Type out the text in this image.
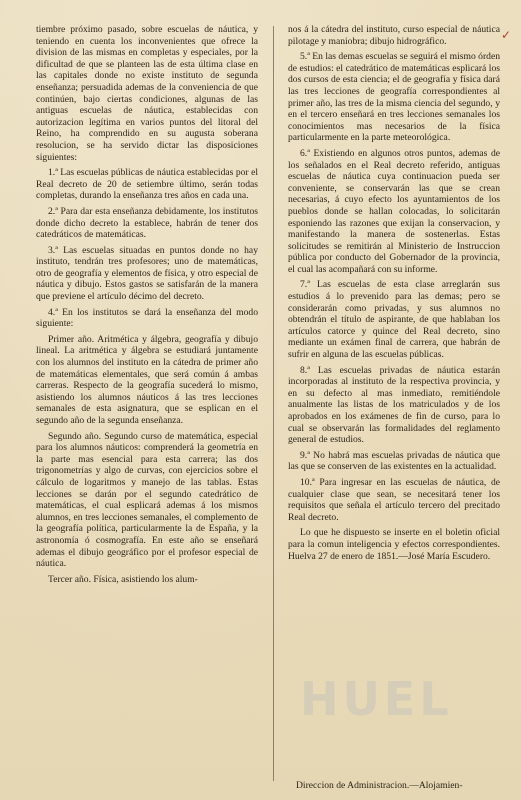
✓

tiembre próximo pasado, sobre escuelas de náutica, y teniendo en cuenta los inconvenientes que ofrece la division de las mismas en completas y especiales, por la dificultad de que se planteen las de esta última clase en las capitales donde no existe instituto de segunda enseñanza; persuadida ademas de la conveniencia de que continúen, bajo ciertas condiciones, algunas de las antiguas escuelas de náutica, establecidas con autorizacion legítima en varios puntos del litoral del Reino, ha comprendido en su augusta soberana resolucion, se ha servido dictar las disposiciones siguientes:

1.ª Las escuelas públicas de náutica establecidas por el Real decreto de 20 de setiembre último, serán todas completas, durando la enseñanza tres años en cada una.

2.ª Para dar esta enseñanza debidamente, los institutos donde dicho decreto la establece, habrán de tener dos catedráticos de matemáticas.

3.ª Las escuelas situadas en puntos donde no hay instituto, tendrán tres profesores; uno de matemáticas, otro de geografía y elementos de física, y otro especial de náutica y dibujo. Estos gastos se satisfarán de la manera que previene el artículo décimo del decreto.

4.ª En los institutos se dará la enseñanza del modo siguiente:

Primer año. Aritmética y álgebra, geografía y dibujo lineal. La aritmética y álgebra se estudiará juntamente con los alumnos del instituto en la cátedra de primer año de matemáticas elementales, que será común á ambas carreras. Respecto de la geografía sucederá lo mismo, asistiendo los alumnos náuticos á las tres lecciones semanales de esta asignatura, que se esplican en el segundo año de la segunda enseñanza.

Segundo año. Segundo curso de matemática, especial para los alumnos náuticos: comprenderá la geometría en la parte mas esencial para esta carrera; las dos trigonometrías y algo de curvas, con ejercicios sobre el cálculo de logaritmos y manejo de las tablas. Estas lecciones se darán por el segundo catedrático de matemáticas, el cual esplicará ademas á los mismos alumnos, en tres lecciones semanales, el complemento de la geografía política, particularmente la de España, y la astronomía ó cosmografía. En este año se enseñará ademas el dibujo geográfico por el profesor especial de náutica.

Tercer año. Física, asistiendo los alum-

nos á la cátedra del instituto, curso especial de náutica pilotage y maniobra; dibujo hidrográfico.

5.ª En las demas escuelas se seguirá el mismo órden de estudios: el catedrático de matemáticas esplicará los dos cursos de esta ciencia; el de geografía y física dará las tres lecciones de geografía correspondientes al primer año, las tres de la misma ciencia del segundo, y en el tercero enseñará en tres lecciones semanales los conocimientos mas necesarios de la física particularmente en la parte meteorológica.

6.ª Existiendo en algunos otros puntos, ademas de los señalados en el Real decreto referido, antiguas escuelas de náutica cuya continuacion pueda ser conveniente, se conservarán las que se crean necesarias, á cuyo efecto los ayuntamientos de los pueblos donde se hallan colocadas, lo solicitarán esponiendo las razones que exijan la conservacion, y manifestando la manera de sostenerlas. Estas solicitudes se remitirán al Ministerio de Instruccion pública por conducto del Gobernador de la provincia, el cual las acompañará con su informe.

7.ª Las escuelas de esta clase arreglarán sus estudios á lo prevenido para las demas; pero se considerarán como privadas, y sus alumnos no obtendrán el título de aspirante, de que hablaban los artículos catorce y quince del Real decreto, sino mediante un exámen final de carrera, que habrán de sufrir en alguna de las escuelas públicas.

8.ª Las escuelas privadas de náutica estarán incorporadas al instituto de la respectiva provincia, y en su defecto al mas inmediato, remitiéndole anualmente las listas de los matriculados y de los aprobados en los exámenes de fin de curso, para lo cual se observarán las formalidades del reglamento general de estudios.

9.ª No habrá mas escuelas privadas de náutica que las que se conserven de las existentes en la actualidad.

10.ª Para ingresar en las escuelas de náutica, de cualquier clase que sean, se necesitará tener los requisitos que señala el artículo tercero del precitado Real decreto.

Lo que he dispuesto se inserte en el boletin oficial para la comun inteligencia y efectos correspondientes. Huelva 27 de enero de 1851.—José María Escudero.

Direccion de Administracion.—Alojamien-
HUEL
